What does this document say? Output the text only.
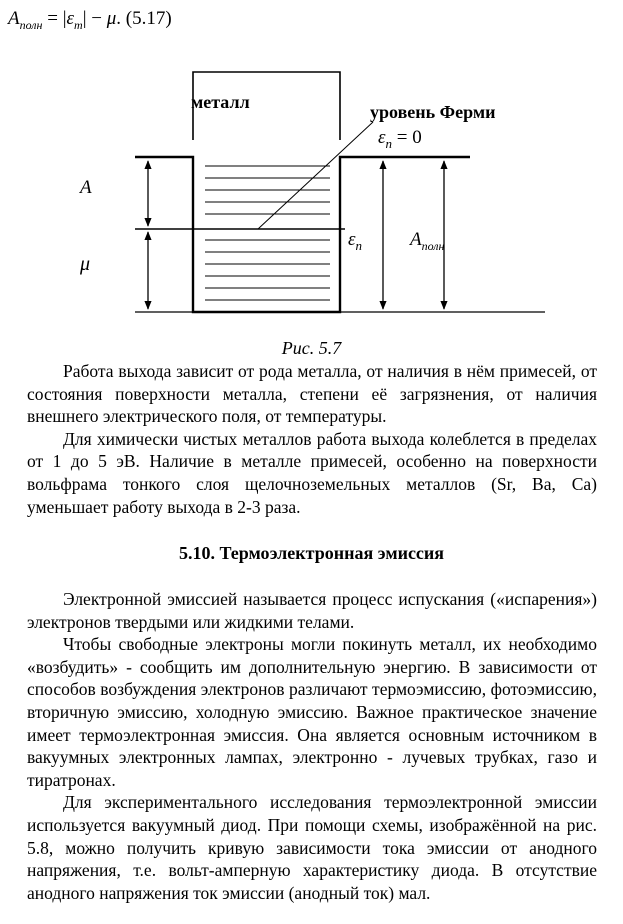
$A_{полн} = |\varepsilon_m| - \mu$. (5.17)
металл	уровень Ферми
$\varepsilon_n = 0$
A
μ
$\varepsilon_n$	$A_{полн}$
Рис. 5.7

Работа выхода зависит от рода металла, от наличия в нём примесей, от состояния поверхности металла, степени её загрязнения, от наличия внешнего электрического поля, от температуры.

Для химически чистых металлов работа выхода колеблется в пределах от 1 до 5 эВ. Наличие в металле примесей, особенно на поверхности вольфрама тонкого слоя щелочноземельных металлов (Sr, Ba, Ca) уменьшает работу выхода в 2-3 раза.

5.10. Термоэлектронная эмиссия

Электронной эмиссией называется процесс испускания («испарения») электронов твердыми или жидкими телами.

Чтобы свободные электроны могли покинуть металл, их необходимо «возбудить» - сообщить им дополнительную энергию. В зависимости от способов возбуждения электронов различают термоэмиссию, фотоэмиссию, вторичную эмиссию, холодную эмиссию. Важное практическое значение имеет термоэлектронная эмиссия. Она является основным источником в вакуумных электронных лампах, электронно - лучевых трубках, газо и тиратронах.

Для экспериментального исследования термоэлектронной эмиссии используется вакуумный диод. При помощи схемы, изображённой на рис. 5.8, можно получить кривую зависимости тока эмиссии от анодного напряжения, т.е. вольт-амперную характеристику диода. В отсутствие анодного напряжения ток эмиссии (анодный ток) мал.
